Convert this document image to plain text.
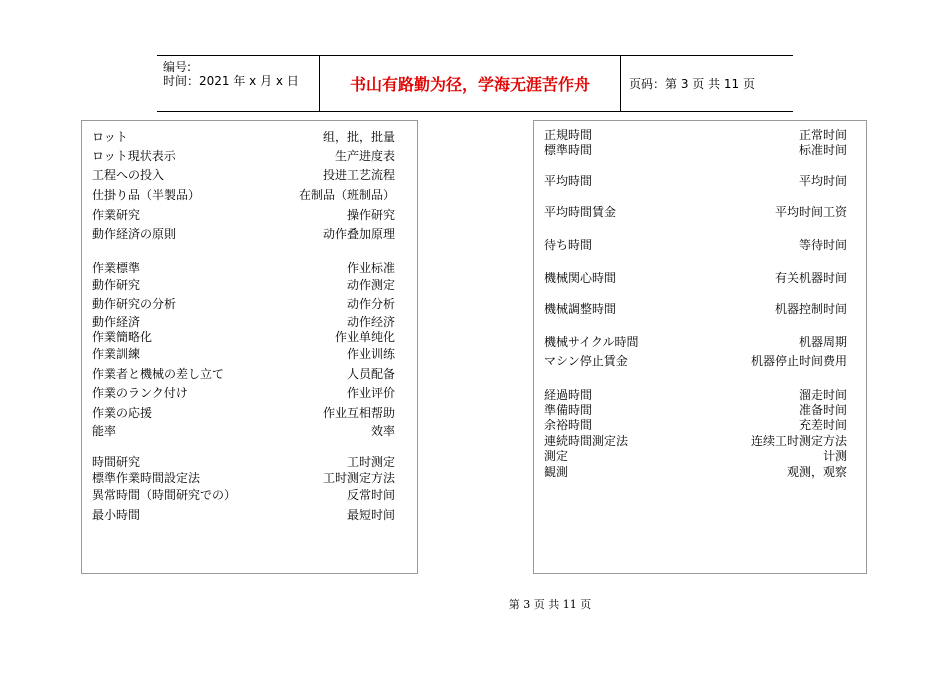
编号:
时间：2021 年 x 月 x 日	书山有路勤为径，学海无涯苦作舟	页码：第 3 页 共 11 页
ロット	组，批，批量
ロット現状表示	生产进度表
工程への投入	投进工艺流程
仕掛り品（半製品）	在制品（班制品）
作業研究	操作研究
動作経済の原則	动作叠加原理
作業標準	作业标准
動作研究	动作测定
動作研究の分析	动作分析
動作経済	动作经济
作業簡略化	作业单纯化
作業訓練	作业训练
作業者と機械の差し立て	人员配备
作業のランク付け	作业评价
作業の応援	作业互相帮助
能率	效率
時間研究	工时测定
標準作業時間設定法	工时测定方法
異常時間（時間研究での）	反常时间
最小時間	最短时间
正規時間	正常时间
標準時間	标准时间
平均時間	平均时间
平均時間賃金	平均时间工资
待ち時間	等待时间
機械関心時間	有关机器时间
機械調整時間	机器控制时间
機械サイクル時間	机器周期
マシン停止賃金	机器停止时间费用
経過時間	溜走时间
準備時間	准备时间
余裕時間	充差时间
連続時間測定法	连续工时测定方法
測定	计测
観測	观测，观察
第 3 页 共 11 页
